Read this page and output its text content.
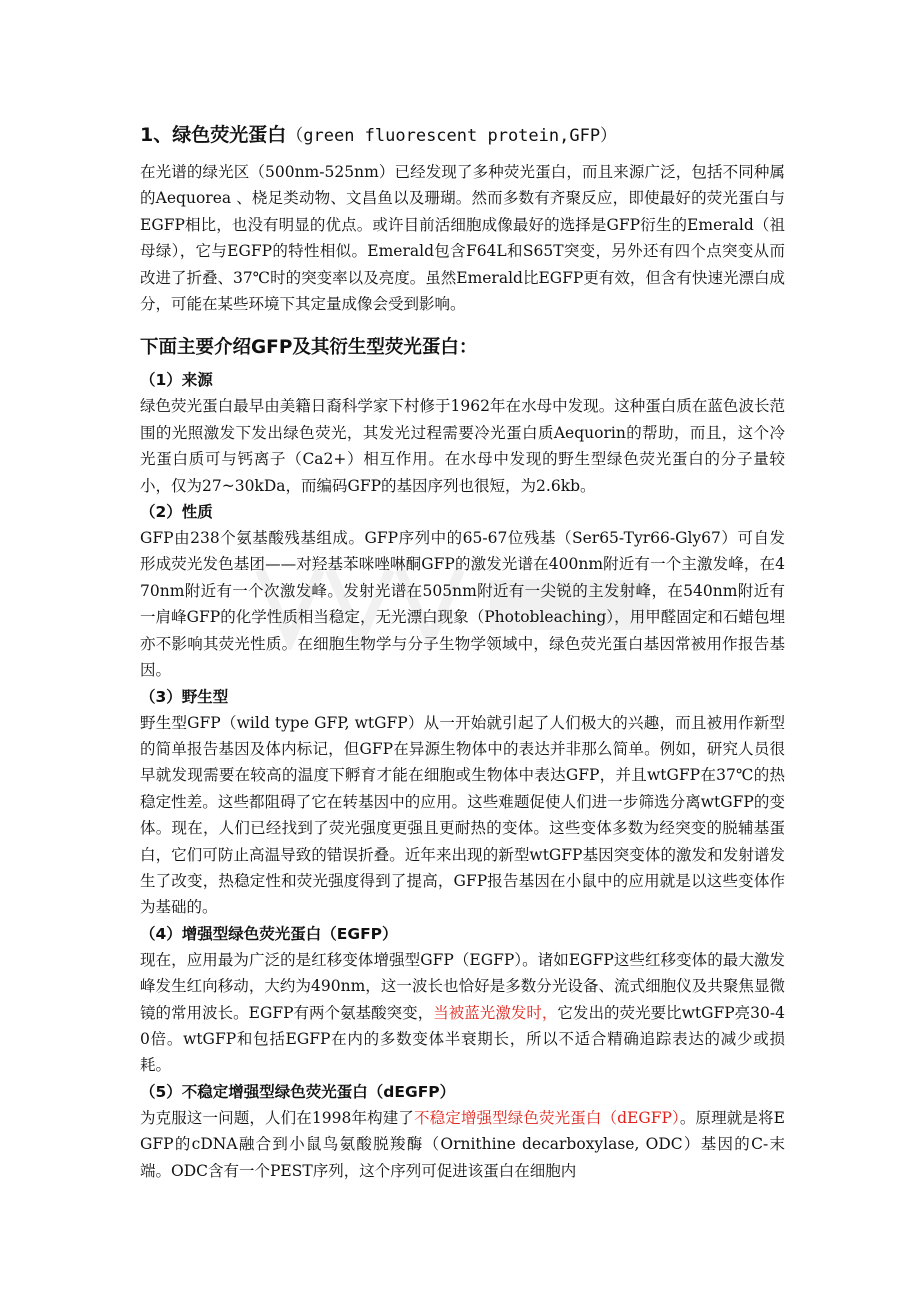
1、绿色荧光蛋白（green fluorescent protein,GFP）

在光谱的绿光区（500nm-525nm）已经发现了多种荧光蛋白，而且来源广泛，包括不同种属的Aequorea 、桡足类动物、文昌鱼以及珊瑚。然而多数有齐聚反应，即使最好的荧光蛋白与EGFP相比，也没有明显的优点。或许目前活细胞成像最好的选择是GFP衍生的Emerald（祖母绿），它与EGFP的特性相似。Emerald包含F64L和S65T突变，另外还有四个点突变从而改进了折叠、37℃时的突变率以及亮度。虽然Emerald比EGFP更有效，但含有快速光漂白成分，可能在某些环境下其定量成像会受到影响。

下面主要介绍GFP及其衍生型荧光蛋白：
（1）来源

绿色荧光蛋白最早由美籍日裔科学家下村修于1962年在水母中发现。这种蛋白质在蓝色波长范围的光照激发下发出绿色荧光，其发光过程需要冷光蛋白质Aequorin的帮助，而且，这个冷光蛋白质可与钙离子（Ca2+）相互作用。在水母中发现的野生型绿色荧光蛋白的分子量较小，仅为27~30kDa，而编码GFP的基因序列也很短，为2.6kb。

（2）性质

GFP由238个氨基酸残基组成。GFP序列中的65-67位残基（Ser65-Tyr66-Gly67）可自发形成荧光发色基团——对羟基苯咪唑啉酮GFP的激发光谱在400nm附近有一个主激发峰，在470nm附近有一个次激发峰。发射光谱在505nm附近有一尖锐的主发射峰，在540nm附近有一肩峰GFP的化学性质相当稳定，无光漂白现象（Photobleaching），用甲醛固定和石蜡包埋亦不影响其荧光性质。在细胞生物学与分子生物学领域中，绿色荧光蛋白基因常被用作报告基因。

（3）野生型

野生型GFP（wild type GFP, wtGFP）从一开始就引起了人们极大的兴趣，而且被用作新型的简单报告基因及体内标记，但GFP在异源生物体中的表达并非那么简单。例如，研究人员很早就发现需要在较高的温度下孵育才能在细胞或生物体中表达GFP，并且wtGFP在37℃的热稳定性差。这些都阻碍了它在转基因中的应用。这些难题促使人们进一步筛选分离wtGFP的变体。现在，人们已经找到了荧光强度更强且更耐热的变体。这些变体多数为经突变的脱辅基蛋白，它们可防止高温导致的错误折叠。近年来出现的新型wtGFP基因突变体的激发和发射谱发生了改变，热稳定性和荧光强度得到了提高，GFP报告基因在小鼠中的应用就是以这些变体作为基础的。

（4）增强型绿色荧光蛋白（EGFP）

现在，应用最为广泛的是红移变体增强型GFP（EGFP）。诸如EGFP这些红移变体的最大激发峰发生红向移动，大约为490nm，这一波长也恰好是多数分光设备、流式细胞仪及共聚焦显微镜的常用波长。EGFP有两个氨基酸突变，当被蓝光激发时，它发出的荧光要比wtGFP亮30-40倍。wtGFP和包括EGFP在内的多数变体半衰期长，所以不适合精确追踪表达的减少或损耗。

（5）不稳定增强型绿色荧光蛋白（dEGFP）

为克服这一问题，人们在1998年构建了不稳定增强型绿色荧光蛋白（dEGFP）。原理就是将EGFP的cDNA融合到小鼠鸟氨酸脱羧酶（Ornithine decarboxylase, ODC）基因的C-末端。ODC含有一个PEST序列，这个序列可促进该蛋白在细胞内
